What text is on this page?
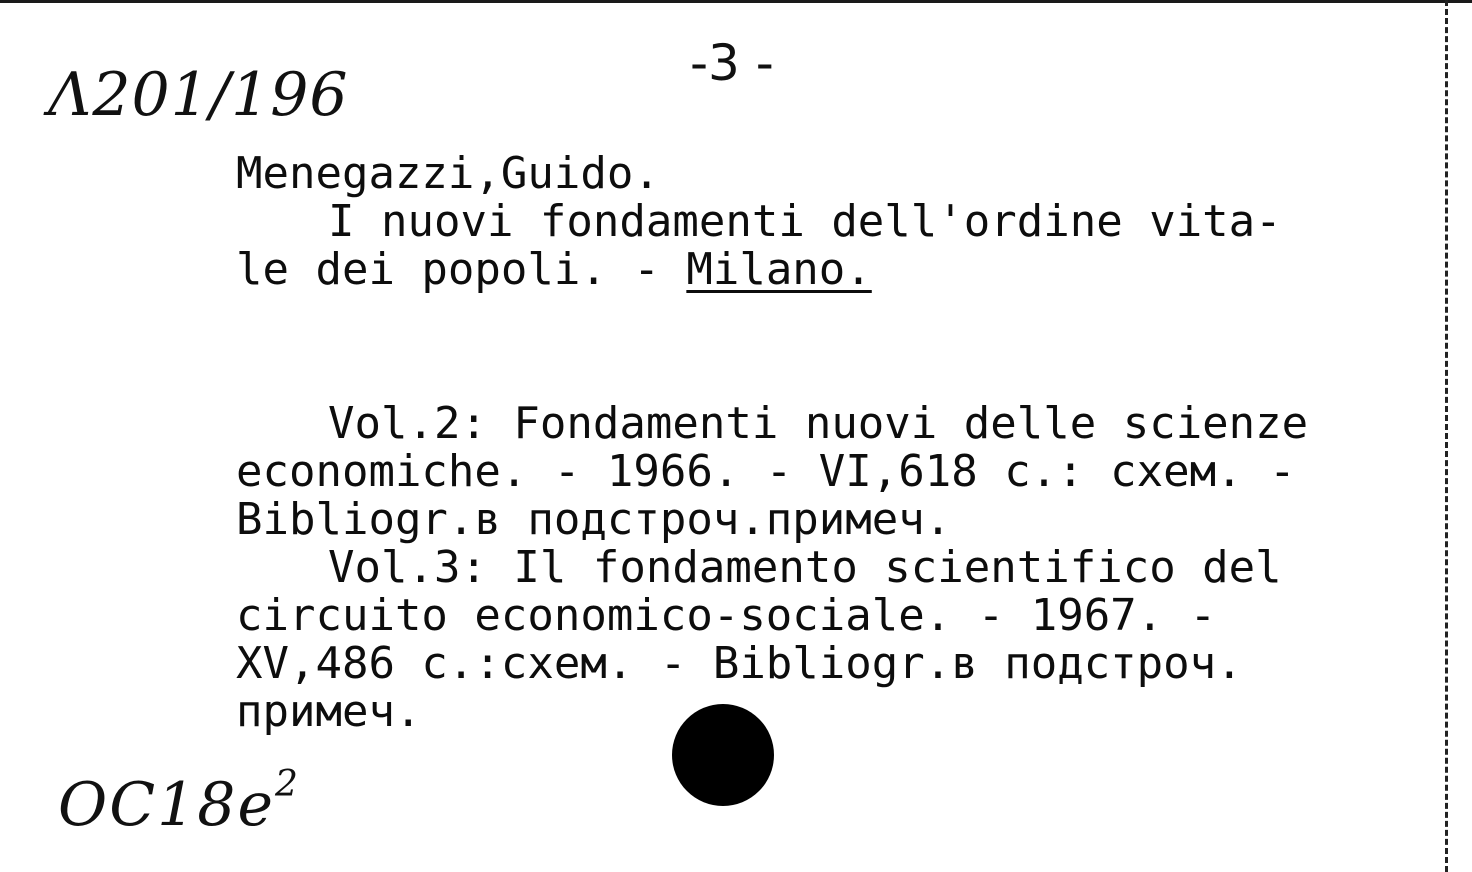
Λ201/196	-3 -
Menegazzi,Guido.
I nuovi fondamenti dell'ordine vita-
le dei popoli. - Milano.
Vol.2: Fondamenti nuovi delle scienze
economiche. - 1966. - VI,618 c.: схем. -
Bibliogr.в подстроч.примеч.
Vol.3: Il fondamento scientifico del
circuito economico-sociale. - 1967. -
XV,486 c.:схем. - Bibliogr.в подстроч.
примеч.
$OC18e^2$
